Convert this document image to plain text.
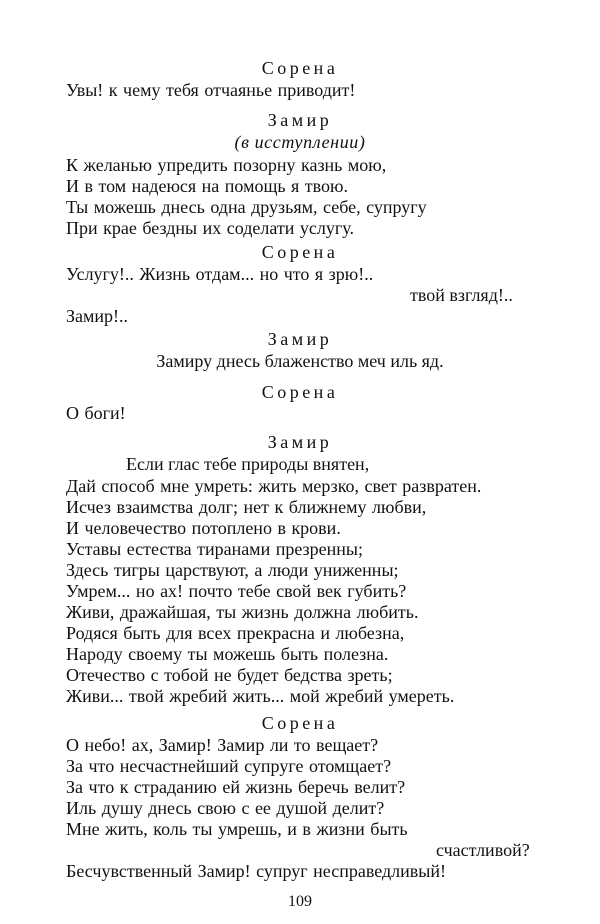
Сорена
Увы! к чему тебя отчаянье приводит!
Замир
(в исступлении)
К желанью упредить позорну казнь мою,
И в том надеюся на помощь я твою.
Ты можешь днесь одна друзьям, себе, супругу
При крае бездны их соделати услугу.
Сорена
Услугу!.. Жизнь отдам... но что я зрю!..
твой взгляд!..
Замир!..
Замир
Замиру днесь блаженство меч иль яд.
Сорена
О боги!
Замир
Если глас тебе природы внятен,
Дай способ мне умреть: жить мерзко, свет развратен.
Исчез взаимства долг; нет к ближнему любви,
И человечество потоплено в крови.
Уставы естества тиранами презренны;
Здесь тигры царствуют, а люди униженны;
Умрем... но ах! почто тебе свой век губить?
Живи, дражайшая, ты жизнь должна любить.
Родяся быть для всех прекрасна и любезна,
Народу своему ты можешь быть полезна.
Отечество с тобой не будет бедства зреть;
Живи... твой жребий жить... мой жребий умереть.
Сорена
О небо! ах, Замир! Замир ли то вещает?
За что несчастнейший супруге отомщает?
За что к страданию ей жизнь беречь велит?
Иль душу днесь свою с ее душой делит?
Мне жить, коль ты умрешь, и в жизни быть
счастливой?
Бесчувственный Замир! супруг несправедливый!
109
